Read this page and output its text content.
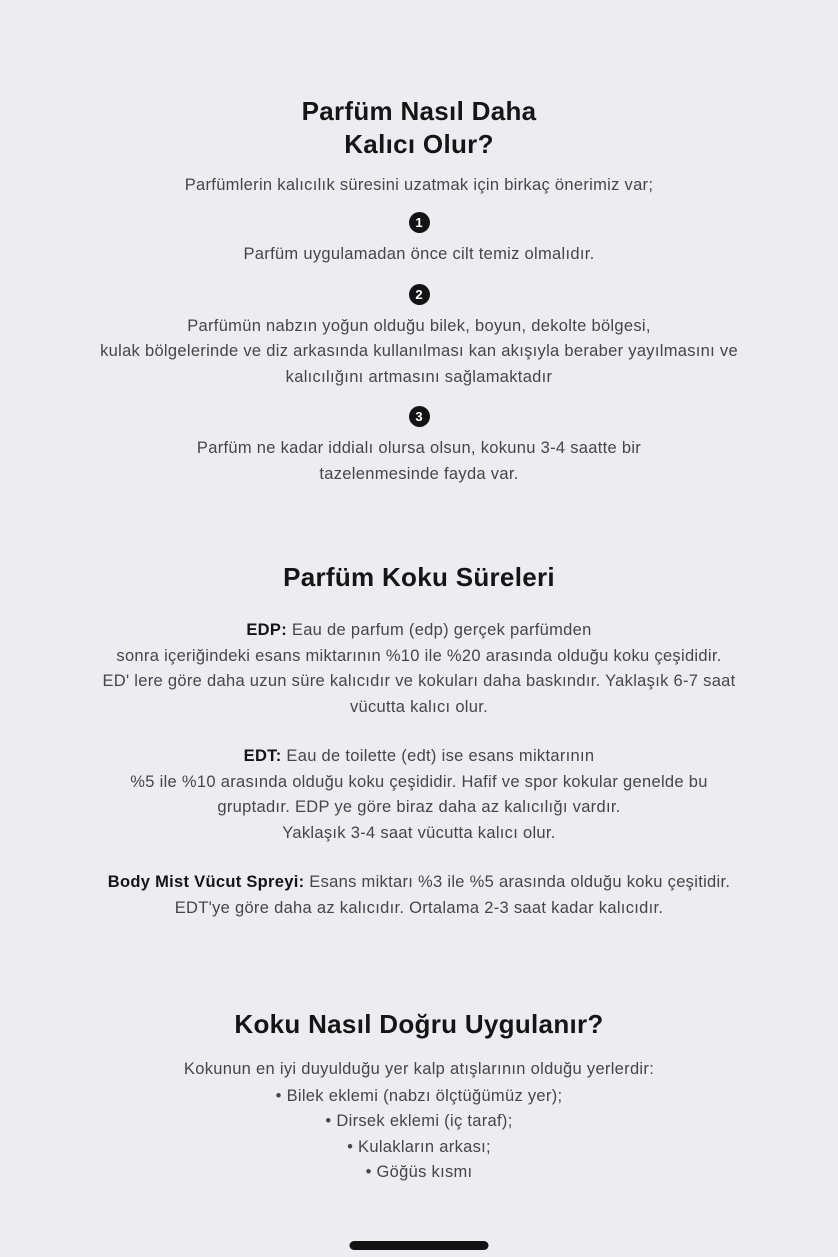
Parfüm Nasıl Daha
Kalıcı Olur?

Parfümlerin kalıcılık süresini uzatmak için birkaç önerimiz var;

1
Parfüm uygulamadan önce cilt temiz olmalıdır.
2
Parfümün nabzın yoğun olduğu bilek, boyun, dekolte bölgesi,
kulak bölgelerinde ve diz arkasında kullanılması kan akışıyla beraber yayılmasını ve
kalıcılığını artmasını sağlamaktadır
3
Parfüm ne kadar iddialı olursa olsun, kokunu 3-4 saatte bir
tazelenmesinde fayda var.
Parfüm Koku Süreleri
EDP: Eau de parfum (edp) gerçek parfümden
sonra içeriğindeki esans miktarının %10 ile %20 arasında olduğu koku çeşididir.
ED' lere göre daha uzun süre kalıcıdır ve kokuları daha baskındır. Yaklaşık 6-7 saat
vücutta kalıcı olur.
EDT: Eau de toilette (edt) ise esans miktarının
%5 ile %10 arasında olduğu koku çeşididir. Hafif ve spor kokular genelde bu
gruptadır. EDP ye göre biraz daha az kalıcılığı vardır.
Yaklaşık 3-4 saat vücutta kalıcı olur.
Body Mist Vücut Spreyi: Esans miktarı %3 ile %5 arasında olduğu koku çeşitidir.
EDT'ye göre daha az kalıcıdır. Ortalama 2-3 saat kadar kalıcıdır.
Koku Nasıl Doğru Uygulanır?

Kokunun en iyi duyulduğu yer kalp atışlarının olduğu yerlerdir:

• Bilek eklemi (nabzı ölçtüğümüz yer);
• Dirsek eklemi (iç taraf);
• Kulakların arkası;
• Göğüs kısmı
